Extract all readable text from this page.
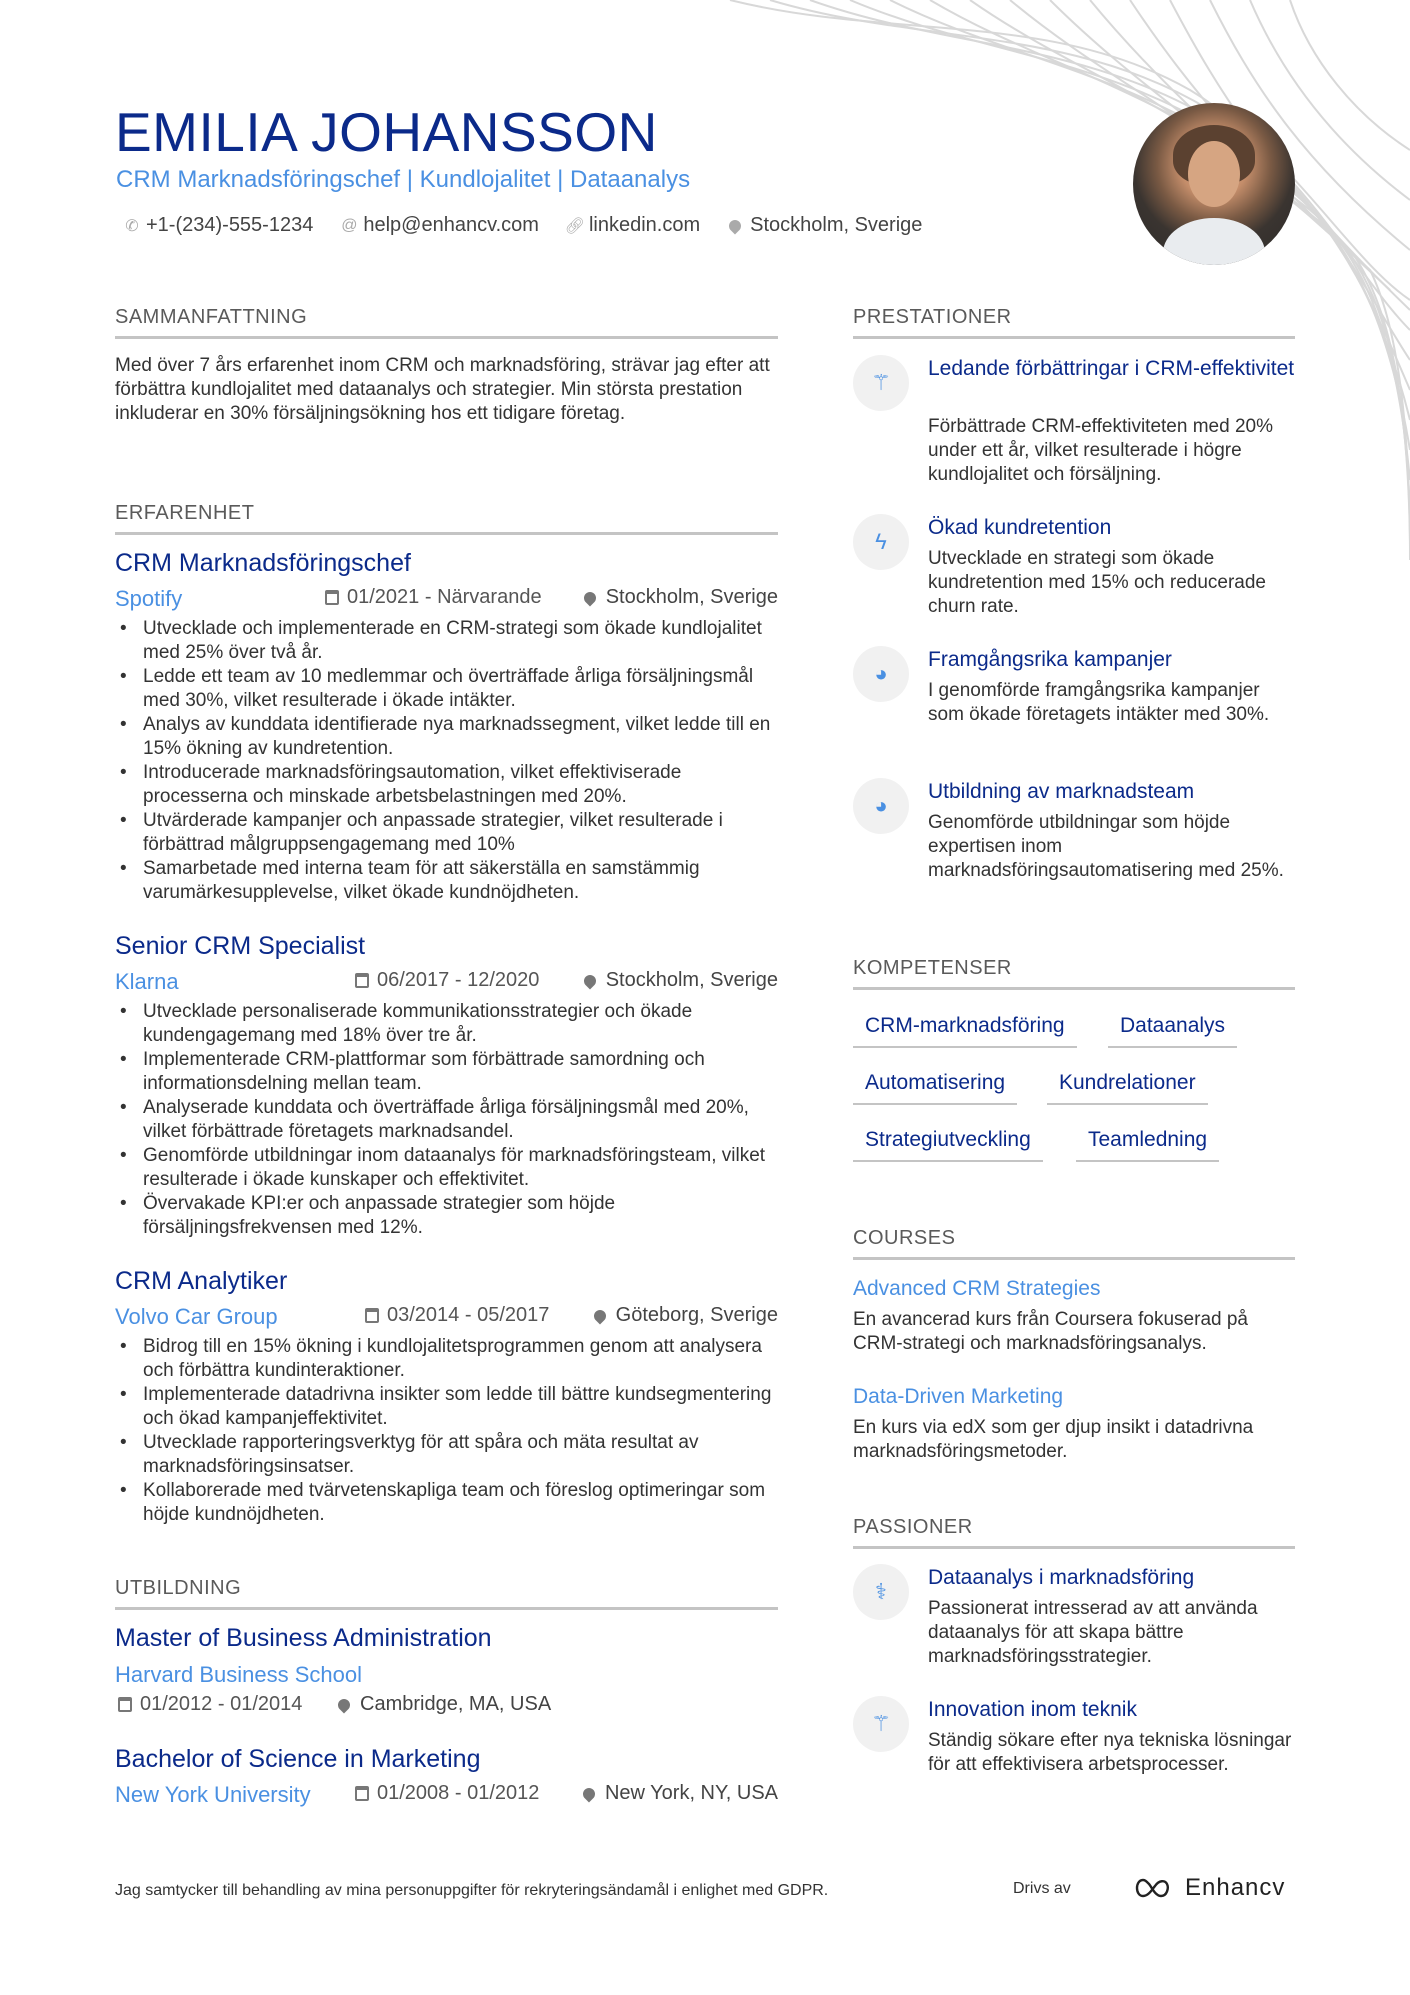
EMILIA JOHANSSON
CRM Marknadsföringschef | Kundlojalitet | Dataanalys
✆ +1-(234)-555-1234 @ help@enhancv.com 🔗︎ linkedin.com	Stockholm, Sverige
SAMMANFATTNING
Med över 7 års erfarenhet inom CRM och marknadsföring, strävar jag efter att förbättra kundlojalitet med dataanalys och strategier. Min största prestation inkluderar en 30% försäljningsökning hos ett tidigare företag.
ERFARENHET
CRM Marknadsföringschef
Spotify	01/2021 - Närvarande	Stockholm, Sverige
• Utvecklade och implementerade en CRM-strategi som ökade kundlojalitet med 25% över två år.
• Ledde ett team av 10 medlemmar och överträffade årliga försäljningsmål med 30%, vilket resulterade i ökade intäkter.
• Analys av kunddata identifierade nya marknadssegment, vilket ledde till en 15% ökning av kundretention.
• Introducerade marknadsföringsautomation, vilket effektiviserade processerna och minskade arbetsbelastningen med 20%.
• Utvärderade kampanjer och anpassade strategier, vilket resulterade i förbättrad målgruppsengagemang med 10%
• Samarbetade med interna team för att säkerställa en samstämmig varumärkesupplevelse, vilket ökade kundnöjdheten.
Senior CRM Specialist
Klarna	06/2017 - 12/2020	Stockholm, Sverige
• Utvecklade personaliserade kommunikationsstrategier och ökade kundengagemang med 18% över tre år.
• Implementerade CRM-plattformar som förbättrade samordning och informationsdelning mellan team.
• Analyserade kunddata och överträffade årliga försäljningsmål med 20%, vilket förbättrade företagets marknadsandel.
• Genomförde utbildningar inom dataanalys för marknadsföringsteam, vilket resulterade i ökade kunskaper och effektivitet.
• Övervakade KPI:er och anpassade strategier som höjde försäljningsfrekvensen med 12%.
CRM Analytiker
Volvo Car Group	03/2014 - 05/2017	Göteborg, Sverige
• Bidrog till en 15% ökning i kundlojalitetsprogrammen genom att analysera och förbättra kundinteraktioner.
• Implementerade datadrivna insikter som ledde till bättre kundsegmentering och ökad kampanjeffektivitet.
• Utvecklade rapporteringsverktyg för att spåra och mäta resultat av marknadsföringsinsatser.
• Kollaborerade med tvärvetenskapliga team och föreslog optimeringar som höjde kundnöjdheten.
UTBILDNING
Master of Business Administration
Harvard Business School
01/2012 - 01/2014	Cambridge, MA, USA
Bachelor of Science in Marketing
New York University	01/2008 - 01/2012	New York, NY, USA
PRESTATIONER
⚚
Ledande förbättringar i CRM-effektivitet
Förbättrade CRM-effektiviteten med 20% under ett år, vilket resulterade i högre kundlojalitet och försäljning.
ϟ
Ökad kundretention
Utvecklade en strategi som ökade kundretention med 15% och reducerade churn rate.
◕
Framgångsrika kampanjer
I genomförde framgångsrika kampanjer som ökade företagets intäkter med 30%.
◕
Utbildning av marknadsteam
Genomförde utbildningar som höjde expertisen inom marknadsföringsautomatisering med 25%.
KOMPETENSER
CRM-marknadsföring	Dataanalys
Automatisering	Kundrelationer
Strategiutveckling	Teamledning
COURSES
Advanced CRM Strategies
En avancerad kurs från Coursera fokuserad på CRM-strategi och marknadsföringsanalys.
Data-Driven Marketing
En kurs via edX som ger djup insikt i datadrivna marknadsföringsmetoder.
PASSIONER
⚕
Dataanalys i marknadsföring
Passionerat intresserad av att använda dataanalys för att skapa bättre marknadsföringsstrategier.
⚚
Innovation inom teknik
Ständig sökare efter nya tekniska lösningar för att effektivisera arbetsprocesser.
Jag samtycker till behandling av mina personuppgifter för rekryteringsändamål i enlighet med GDPR.	Drivs av	Enhancv
